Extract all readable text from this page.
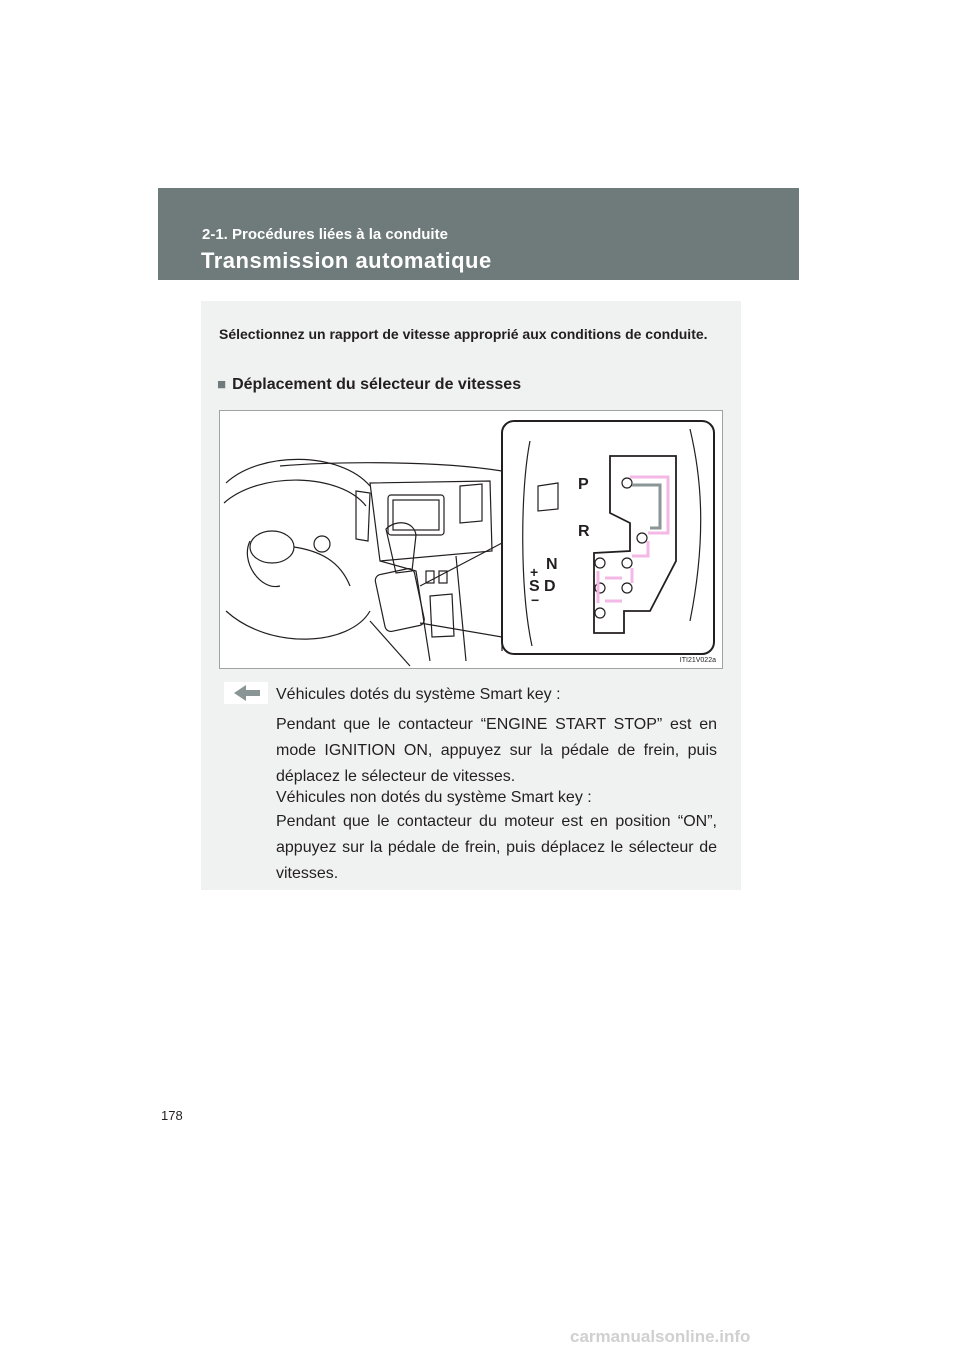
2-1. Procédures liées à la conduite
Transmission automatique
Sélectionnez un rapport de vitesse approprié aux conditions de conduite.
■ Déplacement du sélecteur de vitesses
P
R
N
D
S
+
−
ITI21V022a
Véhicules dotés du système Smart key :
Pendant que le contacteur “ENGINE START STOP” est en mode IGNITION ON, appuyez sur la pédale de frein, puis déplacez le sélecteur de vitesses.
Véhicules non dotés du système Smart key :
Pendant que le contacteur du moteur est en position “ON”, appuyez sur la pédale de frein, puis déplacez le sélecteur de vitesses.
178
carmanualsonline.info
